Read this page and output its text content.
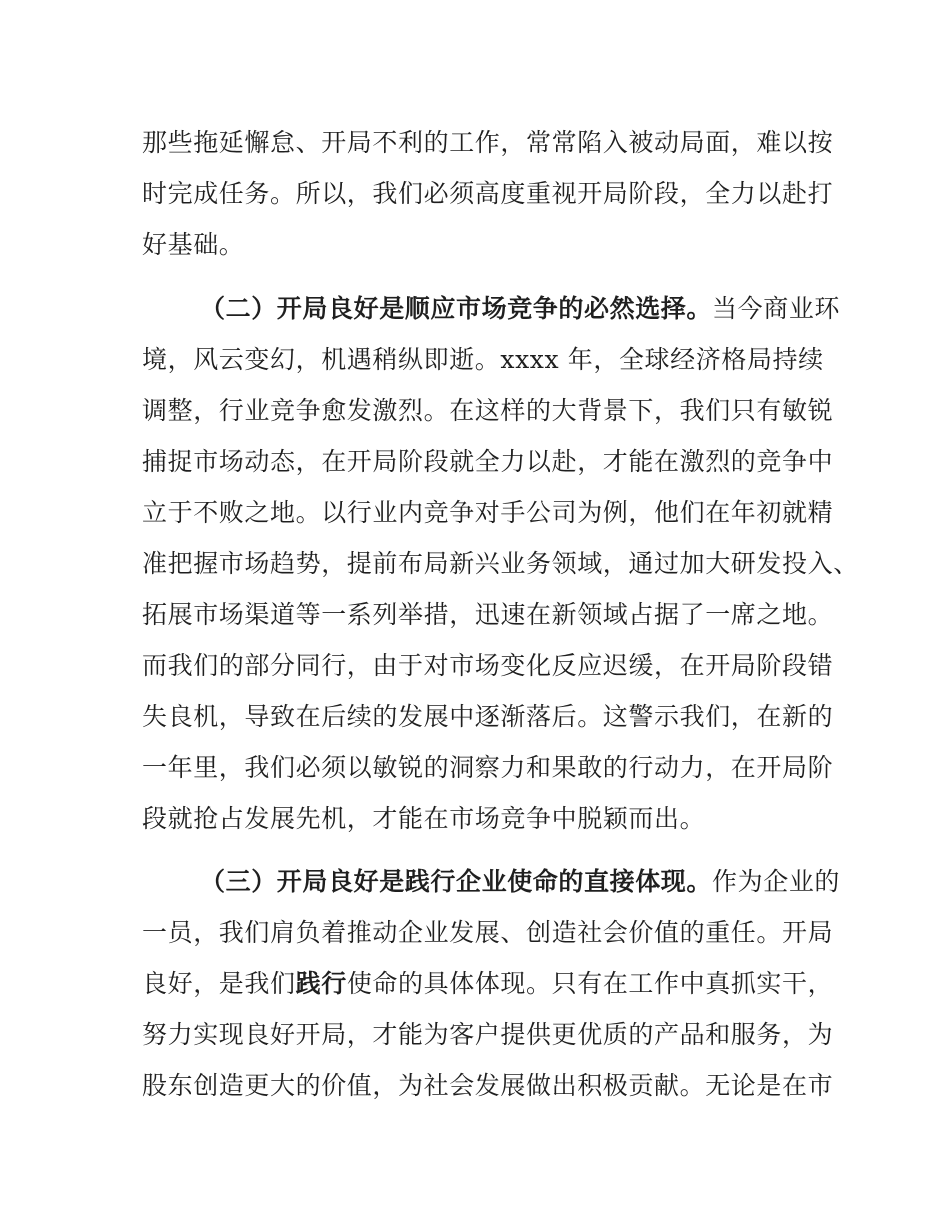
那些拖延懈怠、开局不利的工作，常常陷入被动局面，难以按
时完成任务。所以，我们必须高度重视开局阶段，全力以赴打
好基础。
（二）开局良好是顺应市场竞争的必然选择。当今商业环
境，风云变幻，机遇稍纵即逝。xxxx 年，全球经济格局持续
调整，行业竞争愈发激烈。在这样的大背景下，我们只有敏锐
捕捉市场动态，在开局阶段就全力以赴，才能在激烈的竞争中
立于不败之地。以行业内竞争对手公司为例，他们在年初就精
准把握市场趋势，提前布局新兴业务领域，通过加大研发投入、
拓展市场渠道等一系列举措，迅速在新领域占据了一席之地。
而我们的部分同行，由于对市场变化反应迟缓，在开局阶段错
失良机，导致在后续的发展中逐渐落后。这警示我们，在新的
一年里，我们必须以敏锐的洞察力和果敢的行动力，在开局阶
段就抢占发展先机，才能在市场竞争中脱颖而出。
（三）开局良好是践行企业使命的直接体现。作为企业的
一员，我们肩负着推动企业发展、创造社会价值的重任。开局
良好，是我们践行使命的具体体现。只有在工作中真抓实干，
努力实现良好开局，才能为客户提供更优质的产品和服务，为
股东创造更大的价值，为社会发展做出积极贡献。无论是在市
